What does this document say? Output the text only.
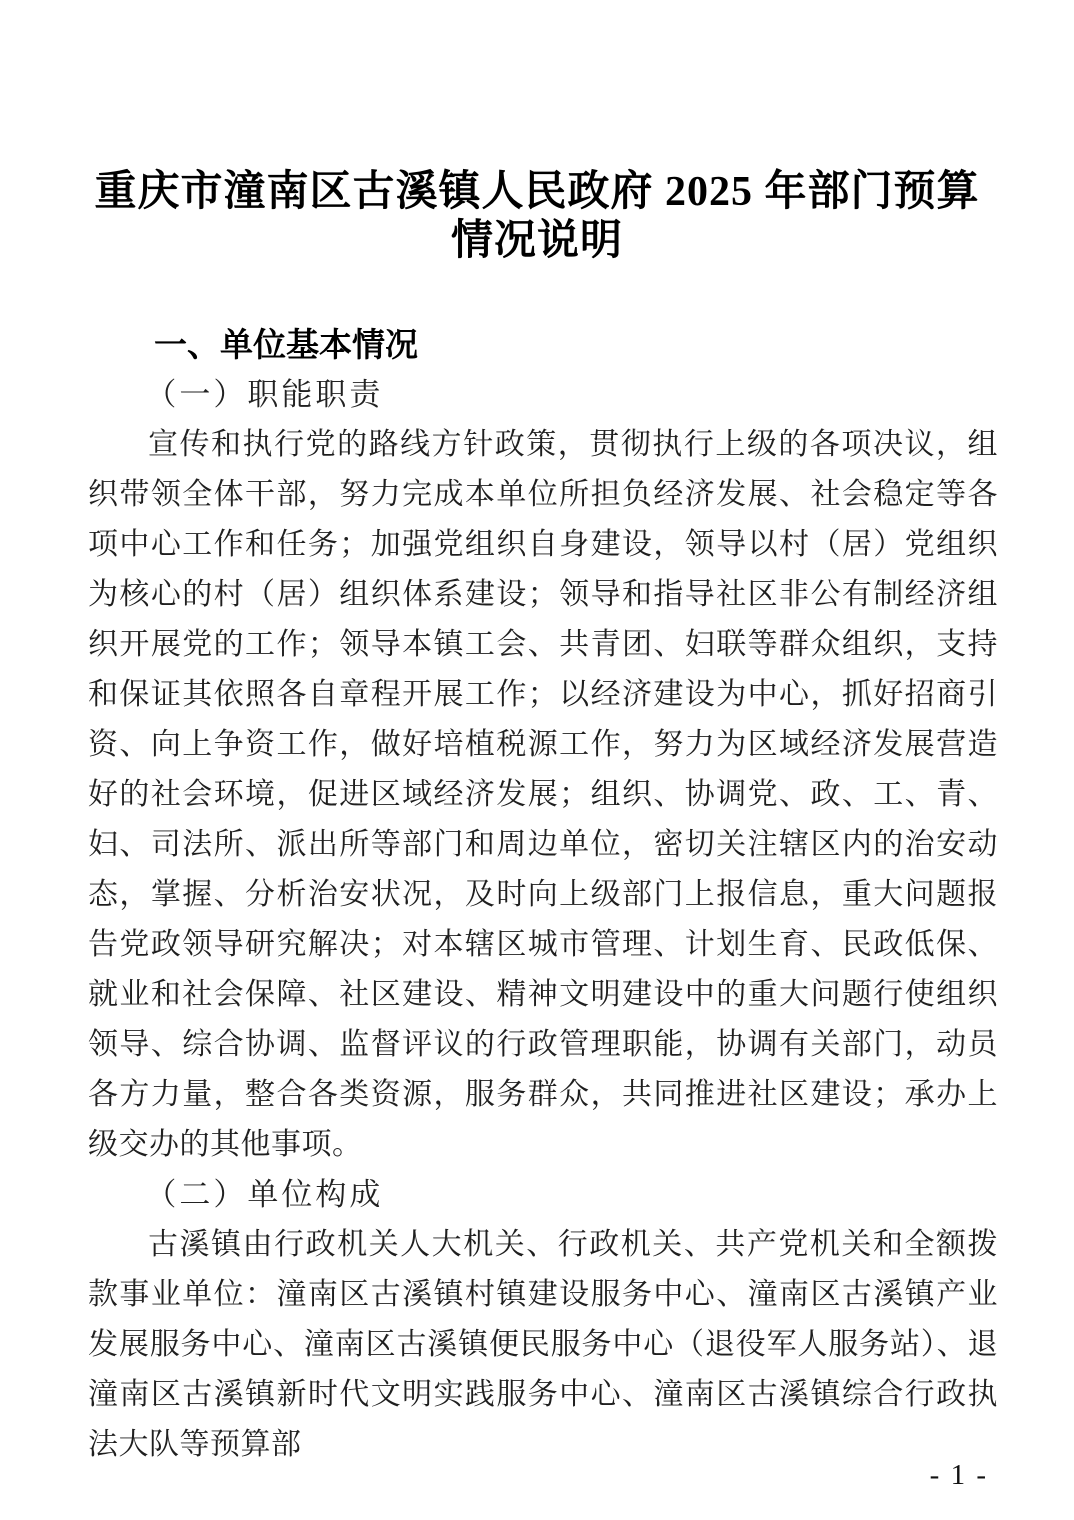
重庆市潼南区古溪镇人民政府 2025 年部门预算
情况说明
一、单位基本情况
（一）职能职责

宣传和执行党的路线方针政策，贯彻执行上级的各项决议，组织带领全体干部，努力完成本单位所担负经济发展、社会稳定等各项中心工作和任务；加强党组织自身建设，领导以村（居）党组织为核心的村（居）组织体系建设；领导和指导社区非公有制经济组织开展党的工作；领导本镇工会、共青团、妇联等群众组织，支持和保证其依照各自章程开展工作；以经济建设为中心，抓好招商引资、向上争资工作，做好培植税源工作，努力为区域经济发展营造好的社会环境，促进区域经济发展；组织、协调党、政、工、青、妇、司法所、派出所等部门和周边单位，密切关注辖区内的治安动态，掌握、分析治安状况，及时向上级部门上报信息，重大问题报告党政领导研究解决；对本辖区城市管理、计划生育、民政低保、就业和社会保障、社区建设、精神文明建设中的重大问题行使组织领导、综合协调、监督评议的行政管理职能，协调有关部门，动员各方力量，整合各类资源，服务群众，共同推进社区建设；承办上级交办的其他事项。

（二）单位构成

古溪镇由行政机关人大机关、行政机关、共产党机关和全额拨款事业单位：潼南区古溪镇村镇建设服务中心、潼南区古溪镇产业发展服务中心、潼南区古溪镇便民服务中心（退役军人服务站）、退潼南区古溪镇新时代文明实践服务中心、潼南区古溪镇综合行政执法大队等预算部

- 1 -
